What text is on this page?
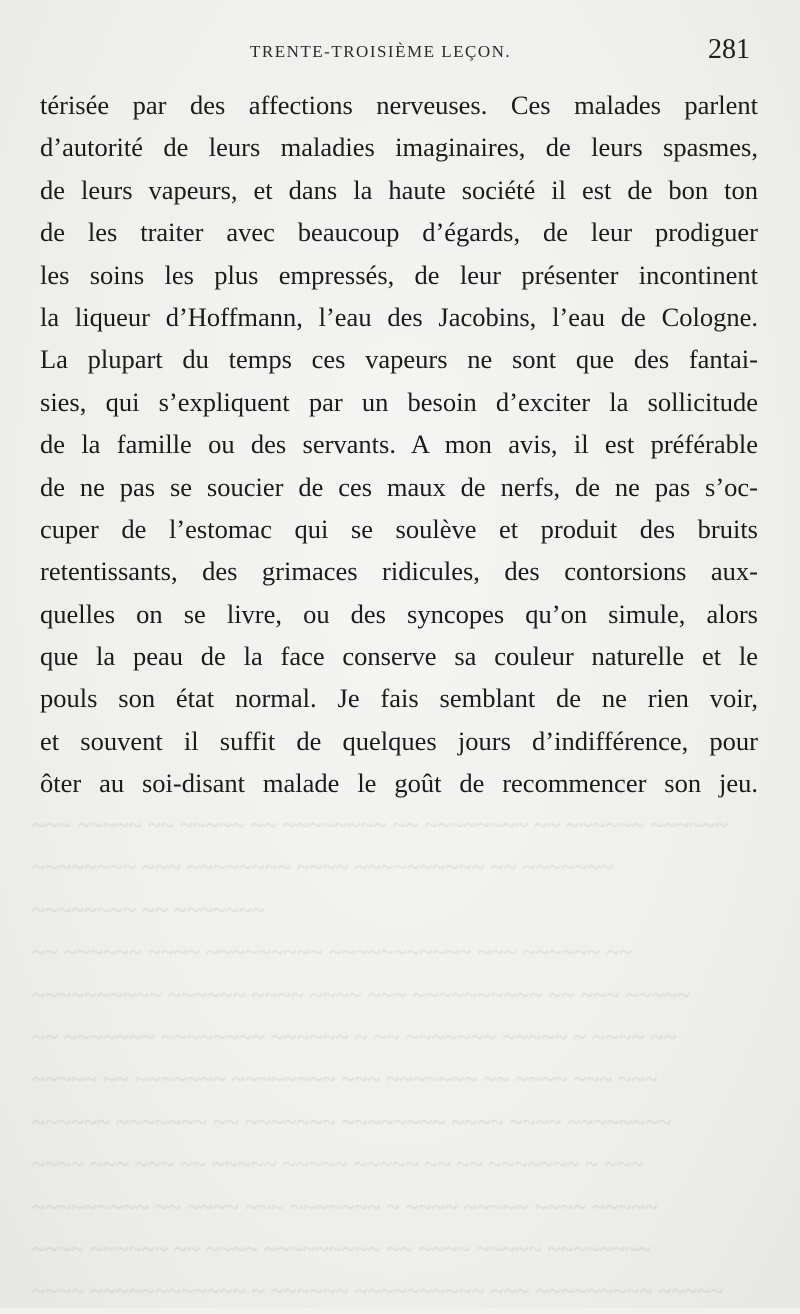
TRENTE-TROISIÈME LEÇON.	281
~~~ ~~~~~ ~~ ~~~~~ ~~ ~~~~~~~~ ~~ ~~~~~~~~ ~~ ~~~~~~ ~~~~~~
~~~~~~~~ ~~~ ~~~~~~~~ ~~~~ ~~~~~~~~~~ ~~ ~~~~~~~
~~~~~~~~ ~~ ~~~~~~~
~~ ~~~~~~ ~~~~ ~~~~~~~~~ ~~~~~~~~~~~ ~~~ ~~~~~~ ~~
~~~~~~~~~~ ~~~~~~ ~~~~ ~~~~ ~~~ ~~~~~~~~~~ ~~ ~~~ ~~~~~
~~ ~~~~~~~ ~~~~~~~~ ~~~~~~ ~ ~~ ~~~~~~~ ~~~~~ ~ ~~~~ ~~
~~~~~ ~~ ~~~~~~~ ~~~~~~~~ ~~~ ~~~~~~~ ~~ ~~~~ ~~~ ~~~
~~~~~~ ~~~~~~~ ~~ ~~~~~~~ ~~~~~~~~ ~~~~ ~~~~ ~~~~~~~~
~~~~ ~~~ ~~~ ~~ ~~~~~ ~~~~~ ~~~~~ ~~ ~~ ~~~~~~~ ~ ~~~
~~~~~~~~~ ~~ ~~~~ ~~~ ~~~~~~~ ~ ~~~~ ~~~~~ ~~~~ ~~~~~
~~~~ ~~~~~~ ~~ ~~~~ ~~~~~~~~~ ~~ ~~~~ ~~~~~ ~~~~~~~~
~~~~ ~~~~~~~~~~~~ ~ ~~~~~~ ~~~~~~~~~~ ~~~ ~~~~~~~~~ ~~~~~
térisée par des affections nerveuses. Ces malades parlent
d’autorité de leurs maladies imaginaires, de leurs spasmes,
de leurs vapeurs, et dans la haute société il est de bon ton
de les traiter avec beaucoup d’égards, de leur prodiguer
les soins les plus empressés, de leur présenter incontinent
la liqueur d’Hoffmann, l’eau des Jacobins, l’eau de Cologne.
La plupart du temps ces vapeurs ne sont que des fantai-
sies, qui s’expliquent par un besoin d’exciter la sollicitude
de la famille ou des servants. A mon avis, il est préférable
de ne pas se soucier de ces maux de nerfs, de ne pas s’oc-
cuper de l’estomac qui se soulève et produit des bruits
retentissants, des grimaces ridicules, des contorsions aux-
quelles on se livre, ou des syncopes qu’on simule, alors
que la peau de la face conserve sa couleur naturelle et le
pouls son état normal. Je fais semblant de ne rien voir,
et souvent il suffit de quelques jours d’indifférence, pour
ôter au soi-disant malade le goût de recommencer son jeu.
